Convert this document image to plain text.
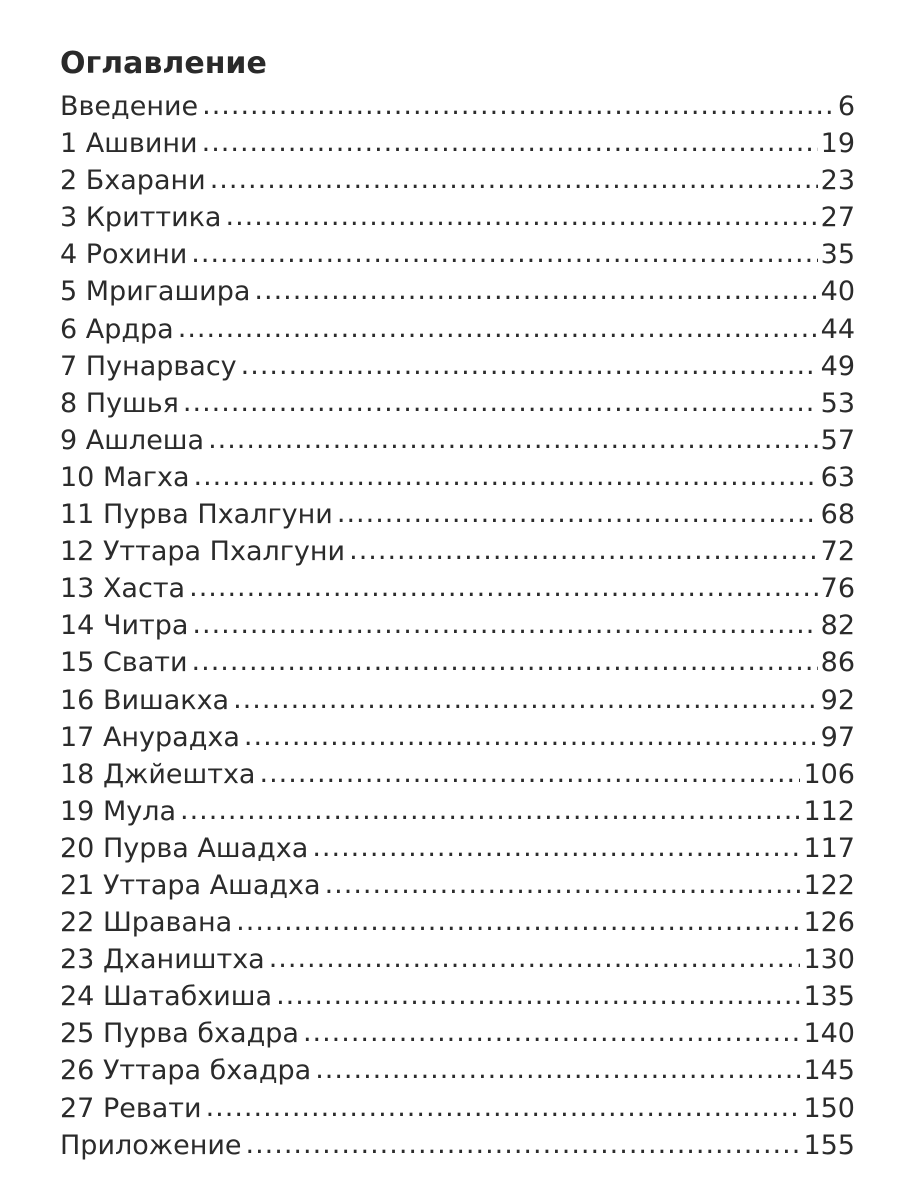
Оглавление
Введение .....	6
1 Ашвини .....	19
2 Бхарани .....	23
3 Криттика .....	27
4 Рохини .....	35
5 Мригашира .....	40
6 Ардра .....	44
7 Пунарвасу .....	49
8 Пушья .....	53
9 Ашлеша .....	57
10 Магха .....	63
11 Пурва Пхалгуни .....	68
12 Уттара Пхалгуни .....	72
13 Хаста .....	76
14 Читра .....	82
15 Свати .....	86
16 Вишакха .....	92
17 Анурадха .....	97
18 Джйештха .....	106
19 Мула .....	112
20 Пурва Ашадха .....	117
21 Уттара Ашадха .....	122
22 Шравана .....	126
23 Дхаништха .....	130
24 Шатабхиша .....	135
25 Пурва бхадра .....	140
26 Уттара бхадра .....	145
27 Ревати .....	150
Приложение .....	155
